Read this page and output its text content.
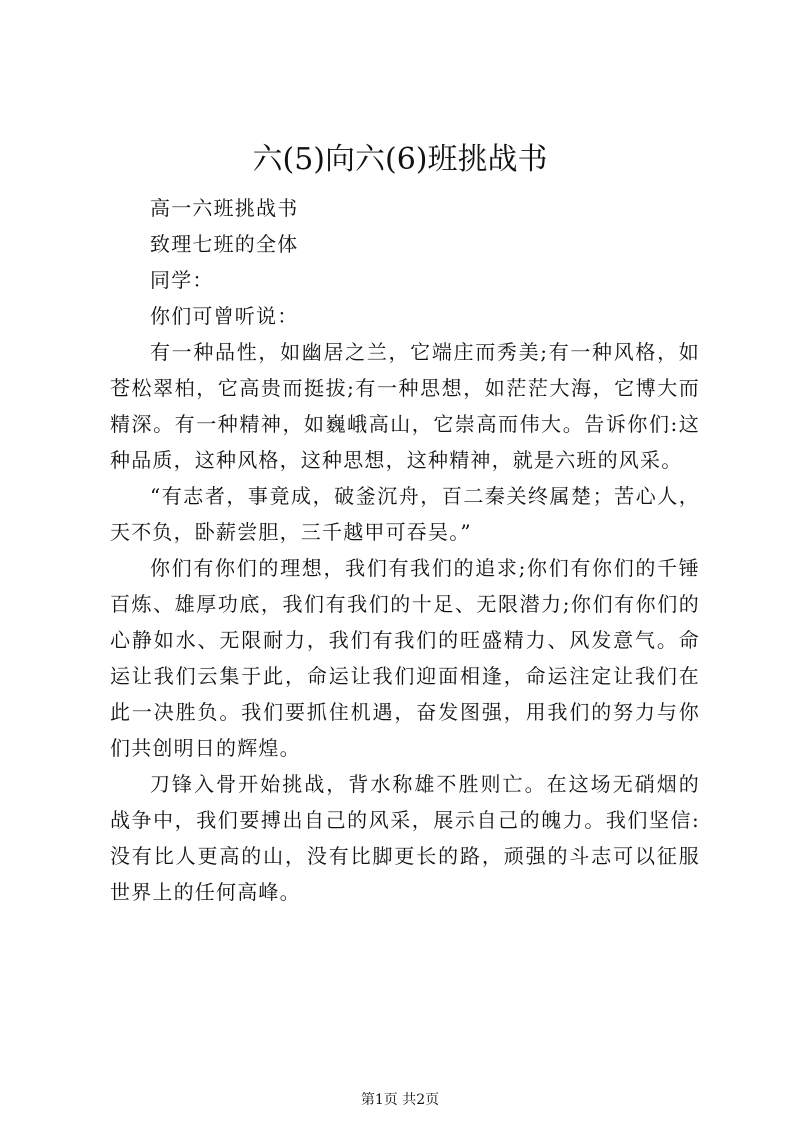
六(5)向六(6)班挑战书

高一六班挑战书

致理七班的全体

同学：

你们可曾听说：

有一种品性，如幽居之兰，它端庄而秀美;有一种风格，如苍松翠柏，它高贵而挺拔;有一种思想，如茫茫大海，它博大而精深。有一种精神，如巍峨高山，它崇高而伟大。告诉你们:这种品质，这种风格，这种思想，这种精神，就是六班的风采。

“有志者，事竟成，破釜沉舟，百二秦关终属楚；苦心人，天不负，卧薪尝胆，三千越甲可吞吴。”

你们有你们的理想，我们有我们的追求;你们有你们的千锤百炼、雄厚功底，我们有我们的十足、无限潜力;你们有你们的心静如水、无限耐力，我们有我们的旺盛精力、风发意气。命运让我们云集于此，命运让我们迎面相逢，命运注定让我们在此一决胜负。我们要抓住机遇，奋发图强，用我们的努力与你们共创明日的辉煌。

刀锋入骨开始挑战，背水称雄不胜则亡。在这场无硝烟的战争中，我们要搏出自己的风采，展示自己的魄力。我们坚信:没有比人更高的山，没有比脚更长的路，顽强的斗志可以征服世界上的任何高峰。

第1页 共2页
